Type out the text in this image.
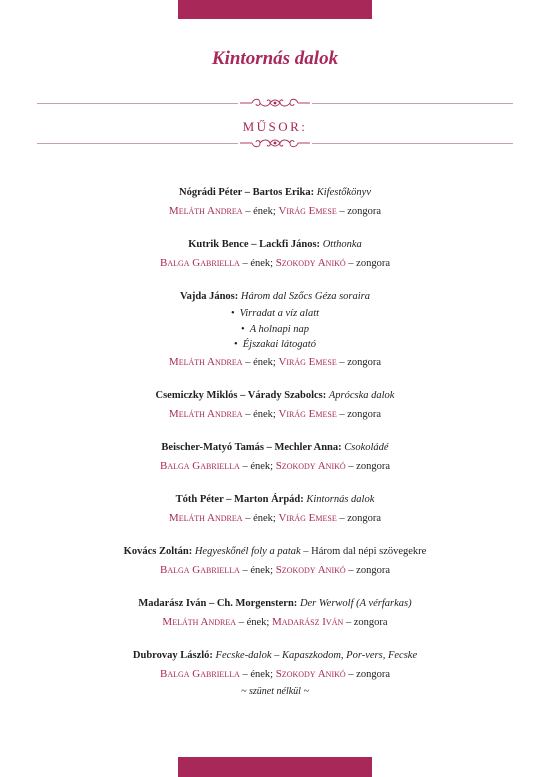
Kintornás dalok
MŰSOR:
Nógrádi Péter – Bartos Erika: Kifestőkönyv
Meláth Andrea – ének; Virág Emese – zongora
Kutrik Bence – Lackfi János: Otthonka
Balga Gabriella – ének; Szokody Anikó – zongora
Vajda János: Három dal Szőcs Géza soraira
• Virradat a víz alatt
• A holnapi nap
• Éjszakai látogató
Meláth Andrea – ének; Virág Emese – zongora
Csemiczky Miklós – Várady Szabolcs: Aprócska dalok
Meláth Andrea – ének; Virág Emese – zongora
Beischer-Matyó Tamás – Mechler Anna: Csokoládé
Balga Gabriella – ének; Szokody Anikó – zongora
Tóth Péter – Marton Árpád: Kintornás dalok
Meláth Andrea – ének; Virág Emese – zongora
Kovács Zoltán: Hegyeskőnél foly a patak – Három dal népi szövegekre
Balga Gabriella – ének; Szokody Anikó – zongora
Madarász Iván – Ch. Morgenstern: Der Werwolf (A vérfarkas)
Meláth Andrea – ének; Madarász Iván – zongora
Dubrovay László: Fecske-dalok – Kapaszkodom, Por-vers, Fecske
Balga Gabriella – ének; Szokody Anikó – zongora
~ szünet nélkül ~
